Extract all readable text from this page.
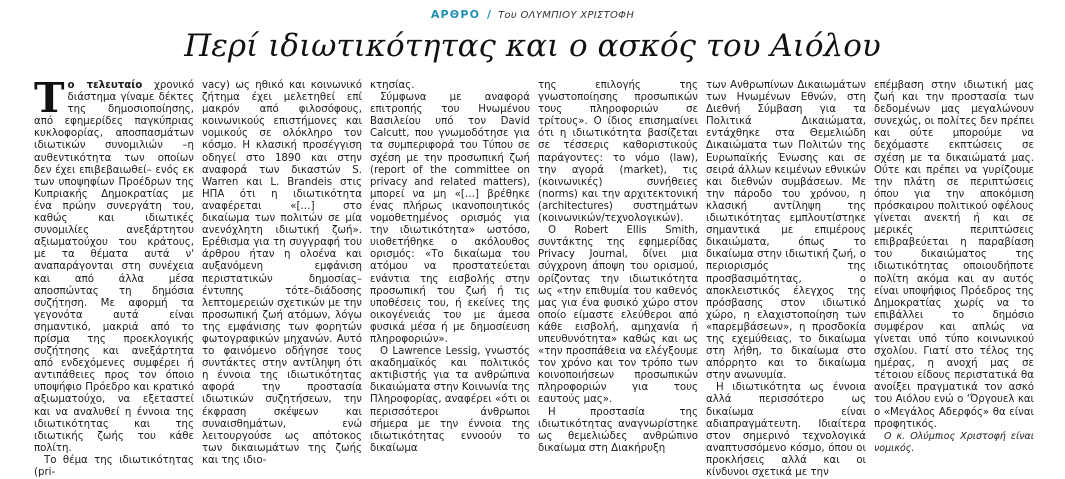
ΑΡΘΡΟ / Του ΟΛΥΜΠΙΟΥ ΧΡΙΣΤΟΦΗ
Περί ιδιωτικότητας και ο ασκός του Αιόλου

Το τελευταίο χρονικό διάστημα γίναμε δέκτες της δημοσιοποίησης, από εφημερίδες παγκύπριας κυκλοφορίας, αποσπασμάτων ιδιωτικών συνομιλιών –η αυθεντικότητα των οποίων δεν έχει επιβεβαιωθεί– ενός εκ των υποψηφίων Προέδρων της Κυπριακής Δημοκρατίας με ένα πρώην συνεργάτη του, καθώς και ιδιωτικές συνομιλίες ανεξάρτητου αξιωματούχου του κράτους, με τα θέματα αυτά ν' αναπαράγονται στη συνέχεια και από άλλα μέσα αποσπώντας τη δημόσια συζήτηση. Με αφορμή τα γεγονότα αυτά είναι σημαντικό, μακριά από το πρίσμα της προεκλογικής συζήτησης και ανεξάρτητα από ενδεχόμενες συμφέρει ή αντιπάθειες προς τον όποιο υποψήφιο Πρόεδρο και κρατικό αξιωματούχο, να εξεταστεί και να αναλυθεί η έννοια της ιδιωτικότητας και της ιδιωτικής ζωής του κάθε πολίτη.

Το θέμα της ιδιωτικότητας (pri-

vacy) ως ηθικό και κοινωνικό ζήτημα έχει μελετηθεί επί μακρόν από φιλοσόφους, κοινωνικούς επιστήμονες και νομικούς σε ολόκληρο τον κόσμο. Η κλασική προσέγγιση οδηγεί στο 1890 και στην αναφορά των δικαστών S. Warren και L. Brandeis στις ΗΠΑ ότι η ιδιωτικότητα αναφέρεται «[…] στο δικαίωμα των πολιτών σε μία ανενόχλητη ιδιωτική ζωή». Ερέθισμα για τη συγγραφή του άρθρου ήταν η ολοένα και αυξανόμενη εμφάνιση περιστατικών δημοσίας–έντυπης τότε–διάδοσης λεπτομερειών σχετικών με την προσωπική ζωή ατόμων, λόγω της εμφάνισης των φορητών φωτογραφικών μηχανών. Αυτό το φαινόμενο οδήγησε τους συντάκτες στην αντίληψη ότι η έννοια της ιδιωτικότητας αφορά την προστασία ιδιωτικών συζητήσεων, την έκφραση σκέψεων και συναισθημάτων, ενώ λειτουργούσε ως απότοκος των δικαιωμάτων της ζωής και της ιδιο-

κτησίας.

Σύμφωνα με αναφορά επιτροπής του Ηνωμένου Βασιλείου υπό τον David Calcutt, που γνωμοδότησε για τα συμπεριφορά του Τύπου σε σχέση με την προσωπική ζωή (report of the committee on privacy and related matters), μπορεί να μη «[…] βρέθηκε ένας πλήρως ικανοποιητικός νομοθετημένος ορισμός για την ιδιωτικότητα» ωστόσο, υιοθετήθηκε ο ακόλουθος ορισμός: «Το δικαίωμα του ατόμου να προστατεύεται ενάντια της εισβολής στην προσωπική του ζωή ή τις υποθέσεις του, ή εκείνες της οικογένειάς του με άμεσα φυσικά μέσα ή με δημοσίευση πληροφοριών».

Ο Lawrence Lessig, γνωστός ακαδημαϊκός και πολιτικός ακτιβιστής για τα ανθρώπινα δικαιώματα στην Κοινωνία της Πληροφορίας, αναφέρει «ότι οι περισσότεροι άνθρωποι σήμερα με την έννοια της ιδιωτικότητας εννοούν το δικαίωμα

της επιλογής της γνωστοποίησης προσωπικών τους πληροφοριών σε τρίτους». Ο ίδιος επισημαίνει ότι η ιδιωτικότητα βασίζεται σε τέσσερις καθοριστικούς παράγοντες: το νόμο (law), την αγορά (market), τις (κοινωνικές) συνήθειες (norms) και την αρχιτεκτονική (architectures) συστημάτων (κοινωνικών/τεχνολογικών).

Ο Robert Ellis Smith, συντάκτης της εφημερίδας Privacy Journal, δίνει μια σύγχρονη άποψη του ορισμού, ορίζοντας την ιδιωτικότητα ως «την επιθυμία του καθενός μας για ένα φυσικό χώρο στον οποίο είμαστε ελεύθεροι από κάθε εισβολή, αμηχανία ή υπευθυνότητα» καθώς και ως «την προσπάθεια να ελέγξουμε τον χρόνο και τον τρόπο των κοινοποιήσεων προσωπικών πληροφοριών για τους εαυτούς μας».

Η προστασία της ιδιωτικότητας αναγνωρίστηκε ως θεμελιώδες ανθρώπινο δικαίωμα στη Διακήρυξη

των Ανθρωπίνων Δικαιωμάτων των Ηνωμένων Εθνών, στη Διεθνή Σύμβαση για τα Πολιτικά Δικαιώματα, εντάχθηκε στα Θεμελιώδη Δικαιώματα των Πολιτών της Ευρωπαϊκής Ένωσης και σε σειρά άλλων κειμένων εθνικών και διεθνών συμβάσεων. Με την πάροδο του χρόνου, η κλασική αντίληψη της ιδιωτικότητας εμπλουτίστηκε σημαντικά με επιμέρους δικαιώματα, όπως το δικαίωμα στην ιδιωτική ζωή, ο περιορισμός της προσβασιμότητας, ο αποκλειστικός έλεγχος της πρόσβασης στον ιδιωτικό χώρο, η ελαχιστοποίηση των «παρεμβάσεων», η προσδοκία της εχεμύθειας, το δικαίωμα στη λήθη, το δικαίωμα στο απόρρητο και το δικαίωμα στην ανωνυμία.

Η ιδιωτικότητα ως έννοια αλλά περισσότερο ως δικαίωμα είναι αδιαπραγμάτευτη. Ιδιαίτερα στον σημερινό τεχνολογικά αναπτυσσόμενο κόσμο, όπου οι προκλήσεις αλλά και οι κίνδυνοι σχετικά με την

επέμβαση στην ιδιωτική μας ζωή και την προστασία των δεδομένων μας μεγαλώνουν συνεχώς, οι πολίτες δεν πρέπει και ούτε μπορούμε να δεχόμαστε εκπτώσεις σε σχέση με τα δικαιώματά μας. Ούτε και πρέπει να γυρίζουμε την πλάτη σε περιπτώσεις όπου για την αποκόμιση πρόσκαιρου πολιτικού οφέλους γίνεται ανεκτή ή και σε μερικές περιπτώσεις επιβραβεύεται η παραβίαση του δικαιώματος της ιδιωτικότητας οποιουδήποτε πολίτη ακόμα και αν αυτός είναι υποψήφιος Πρόεδρος της Δημοκρατίας χωρίς να το επιβάλλει το δημόσιο συμφέρον και απλώς να γίνεται υπό τύπο κοινωνικού σχολίου. Γιατί στο τέλος της ημέρας, η ανοχή μας σε τέτοιου είδους περιστατικά θα ανοίξει πραγματικά τον ασκό του Αιόλου ενώ ο ‘Όργουελ και ο «Μεγάλος Αδερφός» θα είναι προφητικός.

Ο κ. Ολύμπιος Χριστοφή είναι νομικός.
